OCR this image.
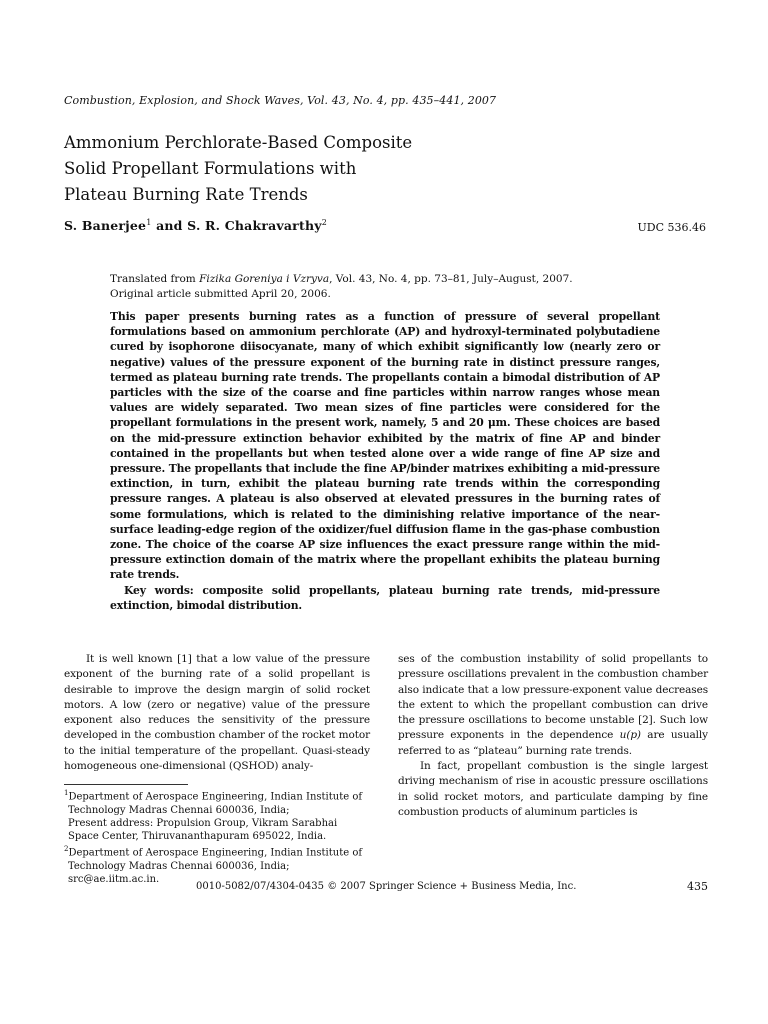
Combustion, Explosion, and Shock Waves, Vol. 43, No. 4, pp. 435–441, 2007
Ammonium Perchlorate-Based Composite
Solid Propellant Formulations with
Plateau Burning Rate Trends
S. Banerjee$^1$ and S. R. Chakravarthy$^2$	UDC 536.46
Translated from Fizika Goreniya i Vzryva, Vol. 43, No. 4, pp. 73–81, July–August, 2007.
Original article submitted April 20, 2006.

This paper presents burning rates as a function of pressure of several propellant formulations based on ammonium perchlorate (AP) and hydroxyl-terminated polybutadiene cured by isophorone diisocyanate, many of which exhibit significantly low (nearly zero or negative) values of the pressure exponent of the burning rate in distinct pressure ranges, termed as plateau burning rate trends. The propellants contain a bimodal distribution of AP particles with the size of the coarse and fine particles within narrow ranges whose mean values are widely separated. Two mean sizes of fine particles were considered for the propellant formulations in the present work, namely, 5 and 20 μm. These choices are based on the mid-pressure extinction behavior exhibited by the matrix of fine AP and binder contained in the propellants but when tested alone over a wide range of fine AP size and pressure. The propellants that include the fine AP/binder matrixes exhibiting a mid-pressure extinction, in turn, exhibit the plateau burning rate trends within the corresponding pressure ranges. A plateau is also observed at elevated pressures in the burning rates of some formulations, which is related to the diminishing relative importance of the near-surface leading-edge region of the oxidizer/fuel diffusion flame in the gas-phase combustion zone. The choice of the coarse AP size influences the exact pressure range within the mid-pressure extinction domain of the matrix where the propellant exhibits the plateau burning rate trends.

Key words: composite solid propellants, plateau burning rate trends, mid-pressure extinction, bimodal distribution.

It is well known [1] that a low value of the pressure exponent of the burning rate of a solid propellant is desirable to improve the design margin of solid rocket motors. A low (zero or negative) value of the pressure exponent also reduces the sensitivity of the pressure developed in the combustion chamber of the rocket motor to the initial temperature of the propellant. Quasi-steady homogeneous one-dimensional (QSHOD) analy-

ses of the combustion instability of solid propellants to pressure oscillations prevalent in the combustion chamber also indicate that a low pressure-exponent value decreases the extent to which the propellant combustion can drive the pressure oscillations to become unstable [2]. Such low pressure exponents in the dependence u(p) are usually referred to as “plateau” burning rate trends.

In fact, propellant combustion is the single largest driving mechanism of rise in acoustic pressure oscillations in solid rocket motors, and particulate damping by fine combustion products of aluminum particles is

$^1$Department of Aerospace Engineering, Indian Institute of

Technology Madras Chennai 600036, India;

Present address: Propulsion Group, Vikram Sarabhai

Space Center, Thiruvananthapuram 695022, India.

$^2$Department of Aerospace Engineering, Indian Institute of

Technology Madras Chennai 600036, India;

src@ae.iitm.ac.in.

0010-5082/07/4304-0435 © 2007 Springer Science + Business Media, Inc.	435
